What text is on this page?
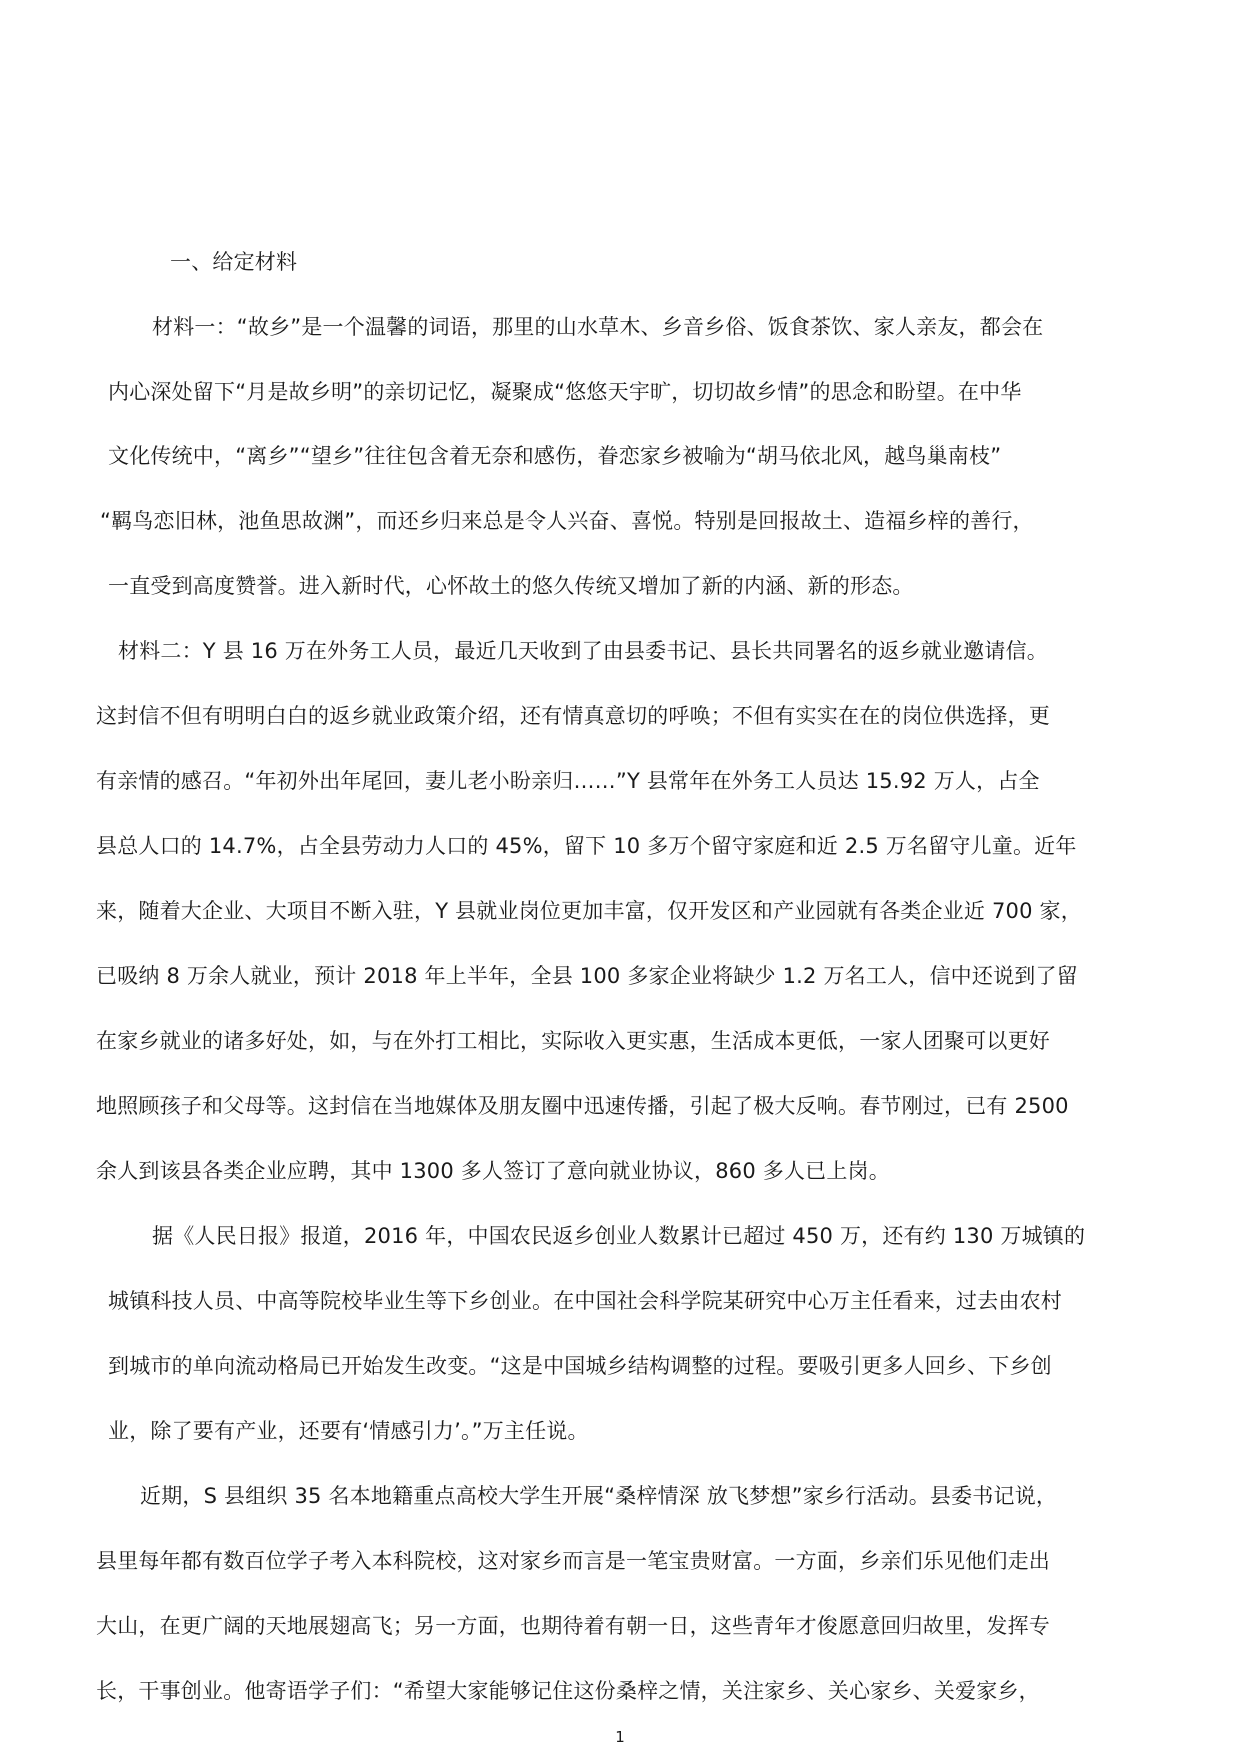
一、给定材料
材料一：“故乡”是一个温馨的词语，那里的山水草木、乡音乡俗、饭食茶饮、家人亲友，都会在
内心深处留下“月是故乡明”的亲切记忆，凝聚成“悠悠天宇旷，切切故乡情”的思念和盼望。在中华
文化传统中，“离乡”“望乡”往往包含着无奈和感伤，眷恋家乡被喻为“胡马依北风，越鸟巢南枝”
“羁鸟恋旧林，池鱼思故渊”，而还乡归来总是令人兴奋、喜悦。特别是回报故土、造福乡梓的善行，
一直受到高度赞誉。进入新时代，心怀故土的悠久传统又增加了新的内涵、新的形态。
材料二：Y 县 16 万在外务工人员，最近几天收到了由县委书记、县长共同署名的返乡就业邀请信。
这封信不但有明明白白的返乡就业政策介绍，还有情真意切的呼唤；不但有实实在在的岗位供选择，更
有亲情的感召。“年初外出年尾回，妻儿老小盼亲归……”Y 县常年在外务工人员达 15.92 万人，占全
县总人口的 14.7%，占全县劳动力人口的 45%，留下 10 多万个留守家庭和近 2.5 万名留守儿童。近年
来，随着大企业、大项目不断入驻，Y 县就业岗位更加丰富，仅开发区和产业园就有各类企业近 700 家，
已吸纳 8 万余人就业，预计 2018 年上半年，全县 100 多家企业将缺少 1.2 万名工人，信中还说到了留
在家乡就业的诸多好处，如，与在外打工相比，实际收入更实惠，生活成本更低，一家人团聚可以更好
地照顾孩子和父母等。这封信在当地媒体及朋友圈中迅速传播，引起了极大反响。春节刚过，已有 2500
余人到该县各类企业应聘，其中 1300 多人签订了意向就业协议，860 多人已上岗。
据《人民日报》报道，2016 年，中国农民返乡创业人数累计已超过 450 万，还有约 130 万城镇的
城镇科技人员、中高等院校毕业生等下乡创业。在中国社会科学院某研究中心万主任看来，过去由农村
到城市的单向流动格局已开始发生改变。“这是中国城乡结构调整的过程。要吸引更多人回乡、下乡创
业，除了要有产业，还要有‘情感引力’。”万主任说。
近期，S 县组织 35 名本地籍重点高校大学生开展“桑梓情深 放飞梦想”家乡行活动。县委书记说，
县里每年都有数百位学子考入本科院校，这对家乡而言是一笔宝贵财富。一方面，乡亲们乐见他们走出
大山，在更广阔的天地展翅高飞；另一方面，也期待着有朝一日，这些青年才俊愿意回归故里，发挥专
长，干事创业。他寄语学子们：“希望大家能够记住这份桑梓之情，关注家乡、关心家乡、关爱家乡，
1
